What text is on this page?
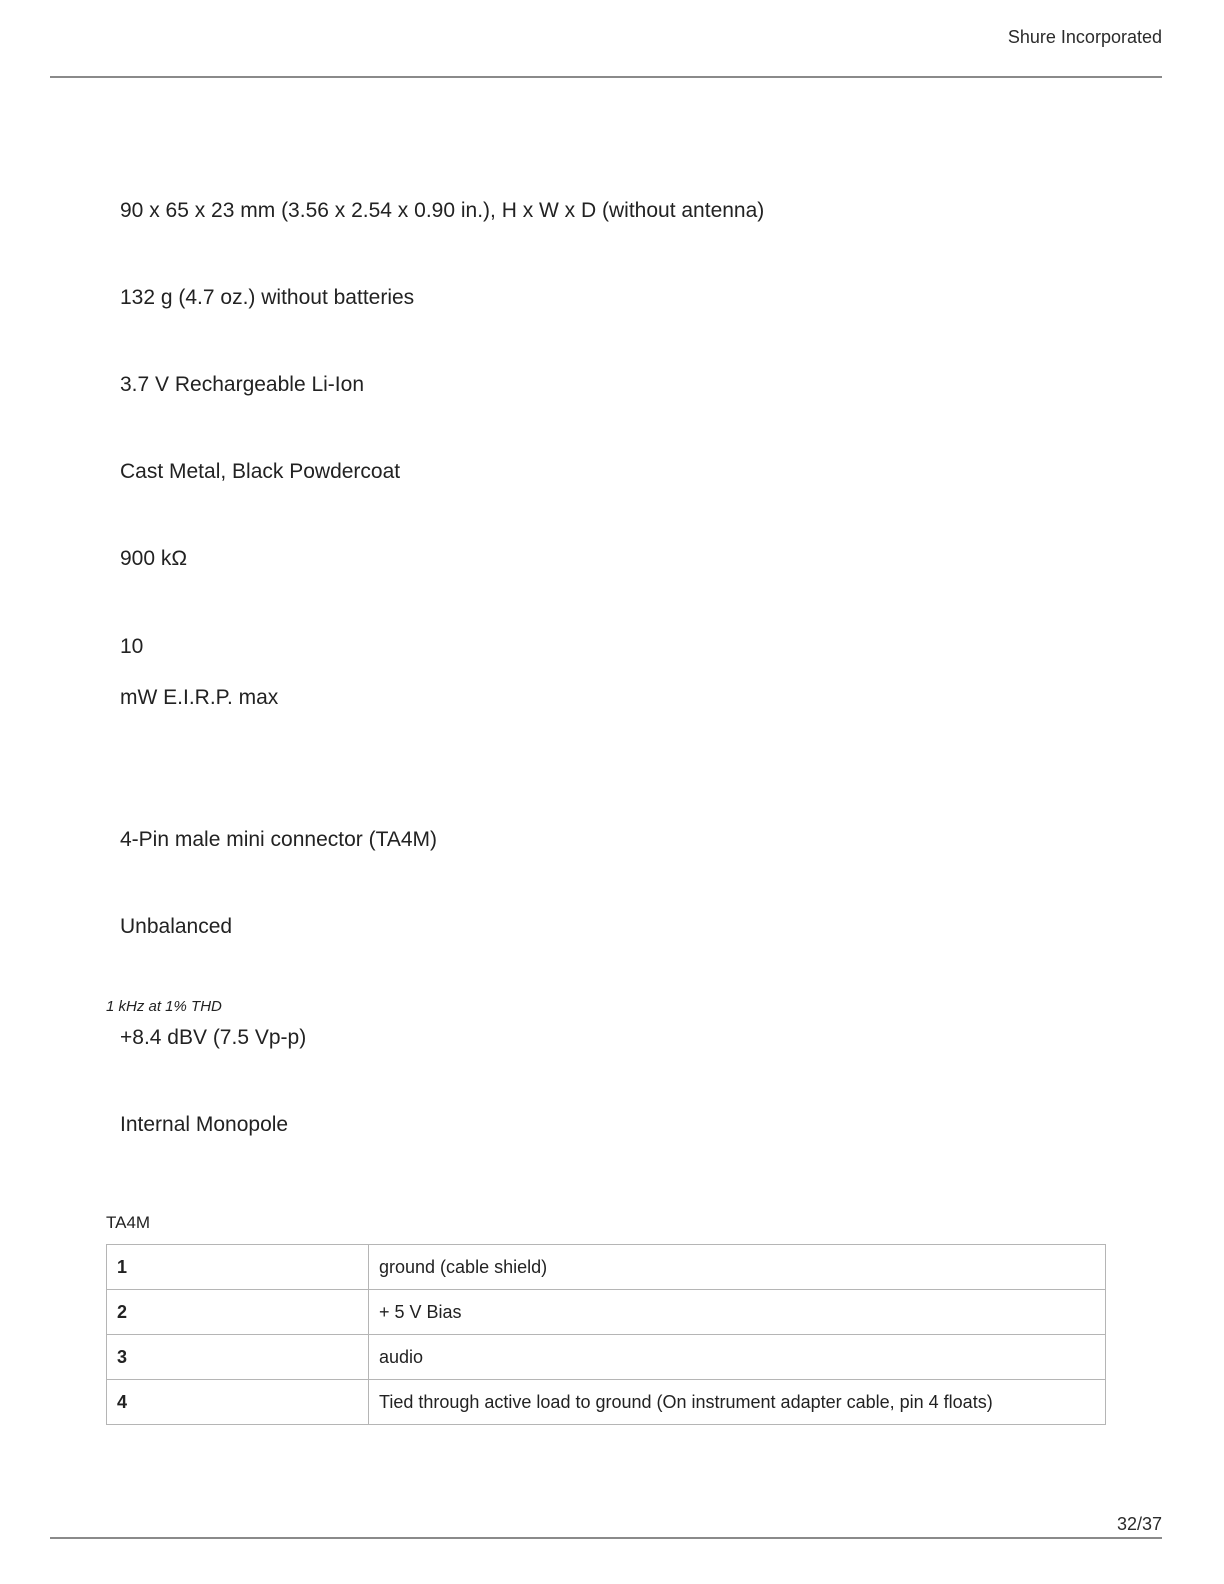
Shure Incorporated
90 x 65 x 23 mm (3.56 x 2.54 x 0.90 in.), H x W x D (without antenna)
132 g (4.7 oz.) without batteries
3.7 V Rechargeable Li-Ion
Cast Metal, Black Powdercoat
900 kΩ
10
mW E.I.R.P. max
4-Pin male mini connector (TA4M)
Unbalanced
1 kHz at 1% THD
+8.4 dBV (7.5 Vp-p)
Internal Monopole
TA4M
1	ground (cable shield)
2	+ 5 V Bias
3	audio
4	Tied through active load to ground (On instrument adapter cable, pin 4 floats)
32/37
